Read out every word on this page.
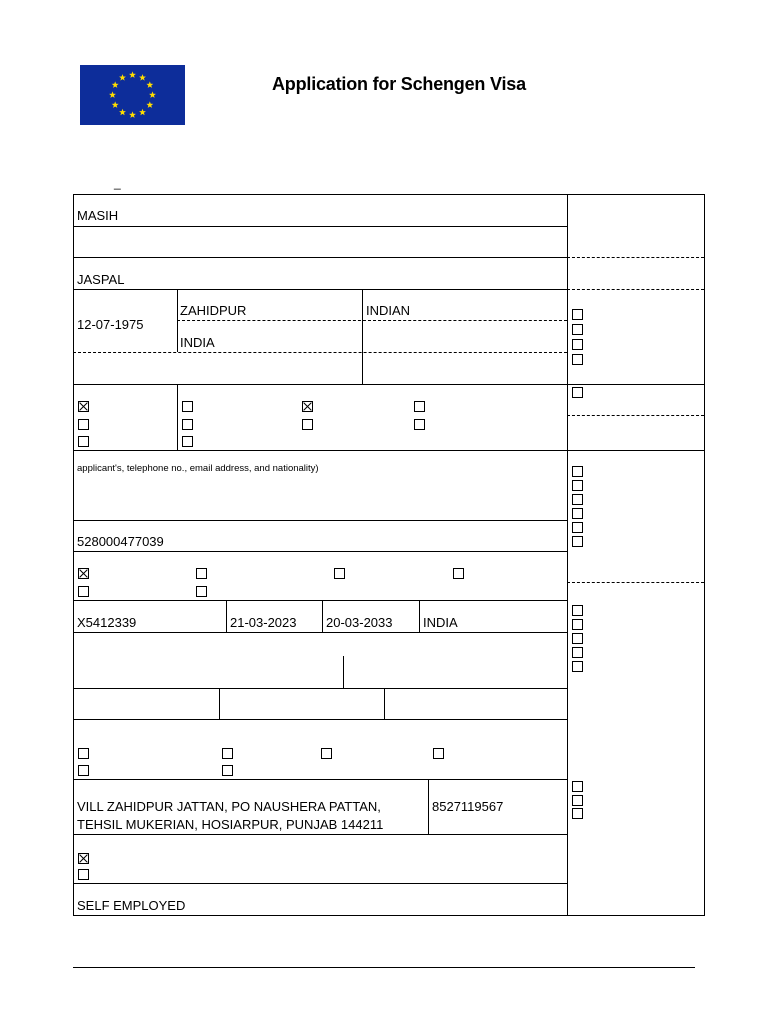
Application for Schengen Visa
_
MASIH
JASPAL
12-07-1975
ZAHIDPUR
INDIA
INDIAN
applicant's, telephone no., email address, and nationality)
528000477039
X5412339	21-03-2023 20-03-2033 INDIA
VILL ZAHIDPUR JATTAN, PO NAUSHERA PATTAN,
TEHSIL MUKERIAN, HOSIARPUR, PUNJAB 144211
8527119567
SELF EMPLOYED
